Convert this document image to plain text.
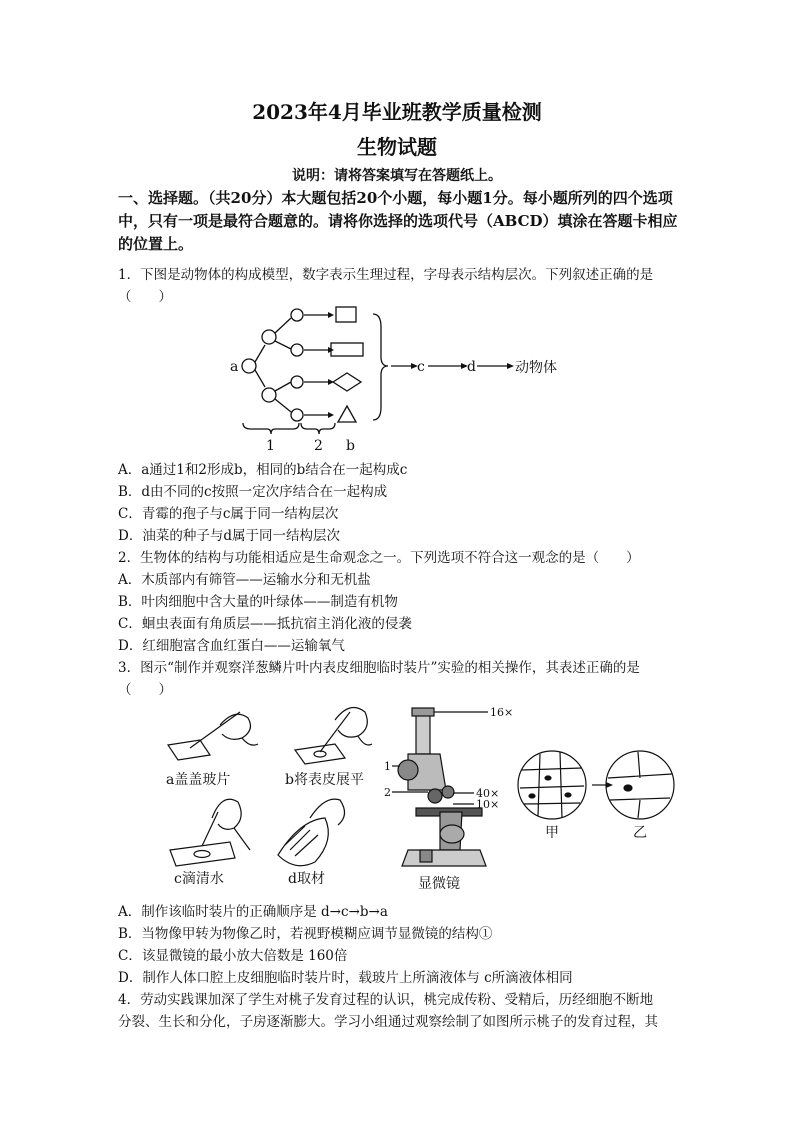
2023年4月毕业班教学质量检测
生物试题
说明：请将答案填写在答题纸上。
一、选择题。（共20分）本大题包括20个小题，每小题1分。每小题所列的四个选项中，只有一项是最符合题意的。请将你选择的选项代号（ABCD）填涂在答题卡相应的位置上。
1．下图是动物体的构成模型，数字表示生理过程，字母表示结构层次。下列叙述正确的是
（　　）
a	c	d	动物体
1	2 b
A．a通过1和2形成b，相同的b结合在一起构成c
B．d由不同的c按照一定次序结合在一起构成
C．青霉的孢子与c属于同一结构层次
D．油菜的种子与d属于同一结构层次
2．生物体的结构与功能相适应是生命观念之一。下列选项不符合这一观念的是（　　）
A．木质部内有筛管——运输水分和无机盐
B．叶肉细胞中含大量的叶绿体——制造有机物
C．蛔虫表面有角质层——抵抗宿主消化液的侵袭
D．红细胞富含血红蛋白——运输氧气
3．图示“制作并观察洋葱鳞片叶内表皮细胞临时装片”实验的相关操作，其表述正确的是
（　　）
a盖盖玻片	b将表皮展平
c滴清水	d取材	显微镜
甲	乙
16×
40×
10×
1
2
A．制作该临时装片的正确顺序是 d→c→b→a
B．当物像甲转为物像乙时，若视野模糊应调节显微镜的结构①
C．该显微镜的最小放大倍数是 160倍
D．制作人体口腔上皮细胞临时装片时，载玻片上所滴液体与 c所滴液体相同
4．劳动实践课加深了学生对桃子发育过程的认识，桃完成传粉、受精后，历经细胞不断地
分裂、生长和分化，子房逐渐膨大。学习小组通过观察绘制了如图所示桃子的发育过程，其
